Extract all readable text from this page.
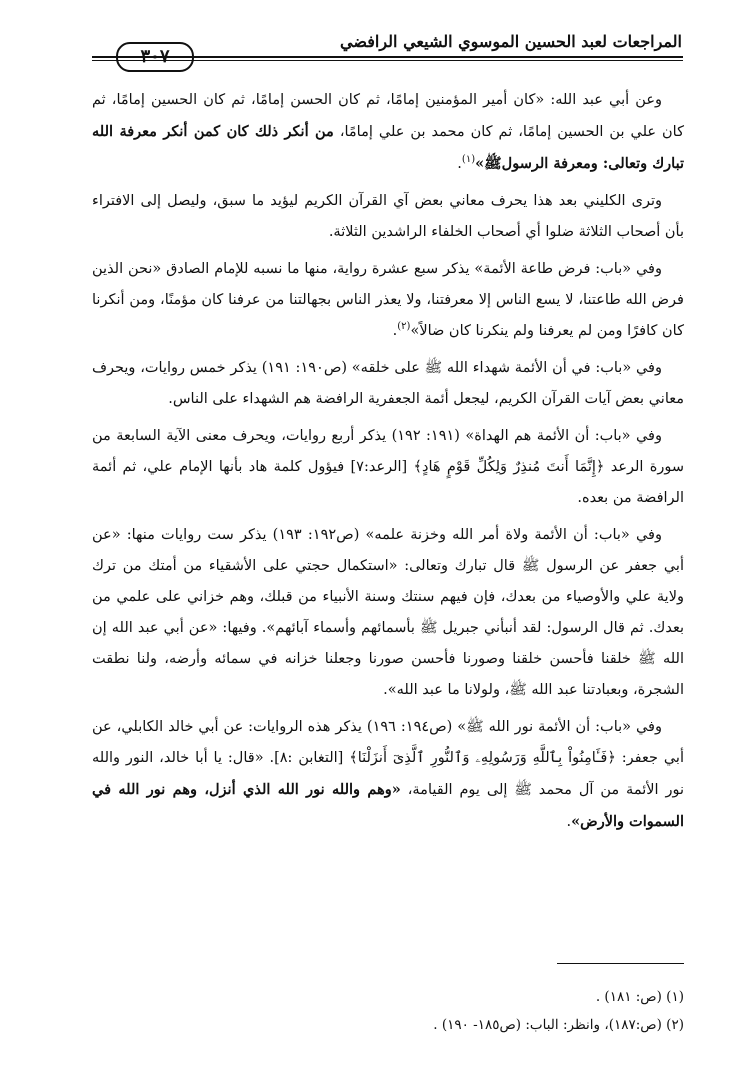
المراجعات لعبد الحسين الموسوي الشيعي الرافضي
٣٠٧

وعن أبي عبد الله: «كان أمير المؤمنين إمامًا، ثم كان الحسن إمامًا، ثم كان الحسين إمامًا، ثم كان علي بن الحسين إمامًا، ثم كان محمد بن علي إمامًا، من أنكر ذلك كان كمن أنكر معرفة الله تبارك وتعالى: ومعرفة الرسولﷺ»$^{(١)}$.

وترى الكليني بعد هذا يحرف معاني بعض آي القرآن الكريم ليؤيد ما سبق، وليصل إلى الافتراء بأن أصحاب الثلاثة ضلوا أي أصحاب الخلفاء الراشدين الثلاثة.

وفي «باب: فرض طاعة الأئمة» يذكر سبع عشرة رواية، منها ما نسبه للإمام الصادق «نحن الذين فرض الله طاعتنا، لا يسع الناس إلا معرفتنا، ولا يعذر الناس بجهالتنا من عرفنا كان مؤمنًا، ومن أنكرنا كان كافرًا ومن لم يعرفنا ولم ينكرنا كان ضالاً»$^{(٢)}$.

وفي «باب: في أن الأئمة شهداء الله ﷺ على خلقه» (ص١٩٠: ١٩١) يذكر خمس روايات، ويحرف معاني بعض آيات القرآن الكريم، ليجعل أئمة الجعفرية الرافضة هم الشهداء على الناس.

وفي «باب: أن الأئمة هم الهداة» (١٩١: ١٩٢) يذكر أربع روايات، ويحرف معنى الآية السابعة من سورة الرعد ﴿إِنَّمَا أَنتَ مُنذِرٌ وَلِكُلِّ قَوْمٍ هَادٍ﴾ [الرعد:٧] فيؤول كلمة هاد بأنها الإمام علي، ثم أئمة الرافضة من بعده.

وفي «باب: أن الأئمة ولاة أمر الله وخزنة علمه» (ص١٩٢: ١٩٣) يذكر ست روايات منها: «عن أبي جعفر عن الرسول ﷺ قال تبارك وتعالى: «استكمال حجتي على الأشقياء من أمتك من ترك ولاية علي والأوصياء من بعدك، فإن فيهم سنتك وسنة الأنبياء من قبلك، وهم خزاني على علمي من بعدك. ثم قال الرسول: لقد أنبأني جبريل ﷺ بأسمائهم وأسماء آبائهم». وفيها: «عن أبي عبد الله إن الله ﷺ خلقنا فأحسن خلقنا وصورنا فأحسن صورنا وجعلنا خزانه في سمائه وأرضه، ولنا نطقت الشجرة، وبعبادتنا عبد الله ﷺ، ولولانا ما عبد الله».

وفي «باب: أن الأئمة نور الله ﷺ» (ص١٩٤: ١٩٦) يذكر هذه الروايات: عن أبي خالد الكابلي، عن أبي جعفر: ﴿فَـَٔامِنُواْ بِٱللَّهِ وَرَسُولِهِۦ وَٱلنُّورِ ٱلَّذِىٓ أَنزَلْنَا﴾ [التغابن :٨]. «قال: يا أبا خالد، النور والله نور الأئمة من آل محمد ﷺ إلى يوم القيامة، «وهم والله نور الله الذي أنزل، وهم نور الله في السموات والأرض».

(١) (ص: ١٨١) .
(٢) (ص:١٨٧)، وانظر: الباب: (ص١٨٥- ١٩٠) .
